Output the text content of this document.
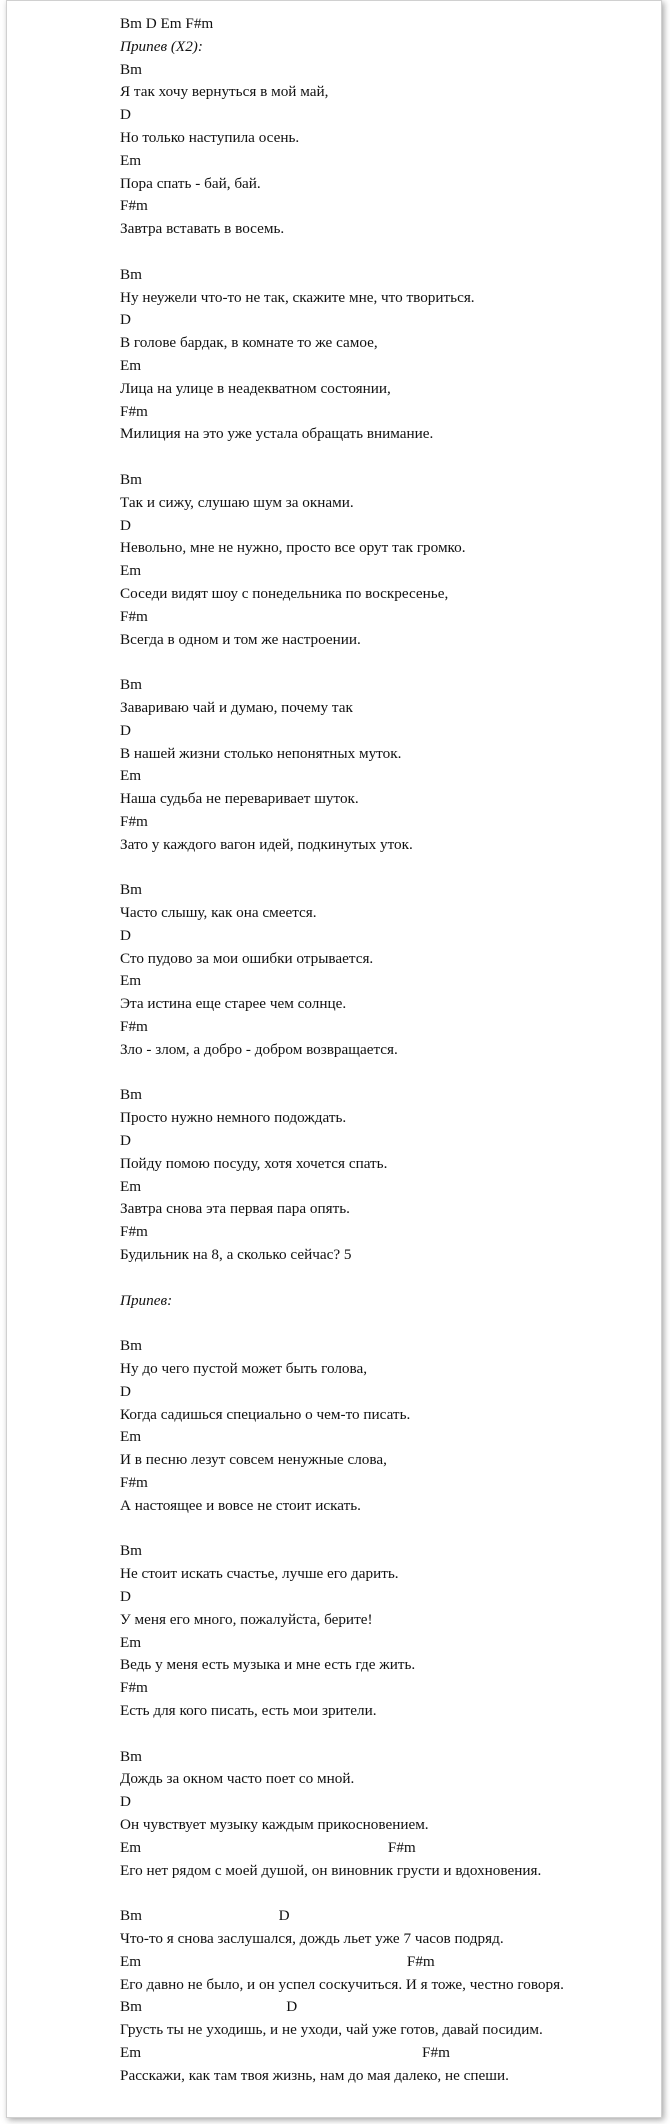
Bm D Em F#m
Припев (Х2):
Bm
Я так хочу вернуться в мой май,
D
Но только наступила осень.
Em
Пора спать - бай, бай.
F#m
Завтра вставать в восемь.
Bm
Ну неужели что-то не так, скажите мне, что твориться.
D
В голове бардак, в комнате то же самое,
Em
Лица на улице в неадекватном состоянии,
F#m
Милиция на это уже устала обращать внимание.
Bm
Так и сижу, слушаю шум за окнами.
D
Невольно, мне не нужно, просто все орут так громко.
Em
Соседи видят шоу с понедельника по воскресенье,
F#m
Всегда в одном и том же настроении.
Bm
Завариваю чай и думаю, почему так
D
В нашей жизни столько непонятных муток.
Em
Наша судьба не переваривает шуток.
F#m
Зато у каждого вагон идей, подкинутых уток.
Bm
Часто слышу, как она смеется.
D
Сто пудово за мои ошибки отрывается.
Em
Эта истина еще старее чем солнце.
F#m
Зло - злом, а добро - добром возвращается.
Bm
Просто нужно немного подождать.
D
Пойду помою посуду, хотя хочется спать.
Em
Завтра снова эта первая пара опять.
F#m
Будильник на 8, а сколько сейчас? 5
Припев:
Bm
Ну до чего пустой может быть голова,
D
Когда садишься специально о чем-то писать.
Em
И в песню лезут совсем ненужные слова,
F#m
А настоящее и вовсе не стоит искать.
Bm
Не стоит искать счастье, лучше его дарить.
D
У меня его много, пожалуйста, берите!
Em
Ведь у меня есть музыка и мне есть где жить.
F#m
Есть для кого писать, есть мои зрители.
Bm
Дождь за окном часто поет со мной.
D
Он чувствует музыку каждым прикосновением.
Em                                                                 F#m
Его нет рядом с моей душой, он виновник грусти и вдохновения.
Bm                                    D
Что-то я снова заслушался, дождь льет уже 7 часов подряд.
Em                                                                      F#m
Его давно не было, и он успел соскучиться. И я тоже, честно говоря.
Bm                                      D
Грусть ты не уходишь, и не уходи, чай уже готов, давай посидим.
Em                                                                          F#m
Расскажи, как там твоя жизнь, нам до мая далеко, не спеши.
